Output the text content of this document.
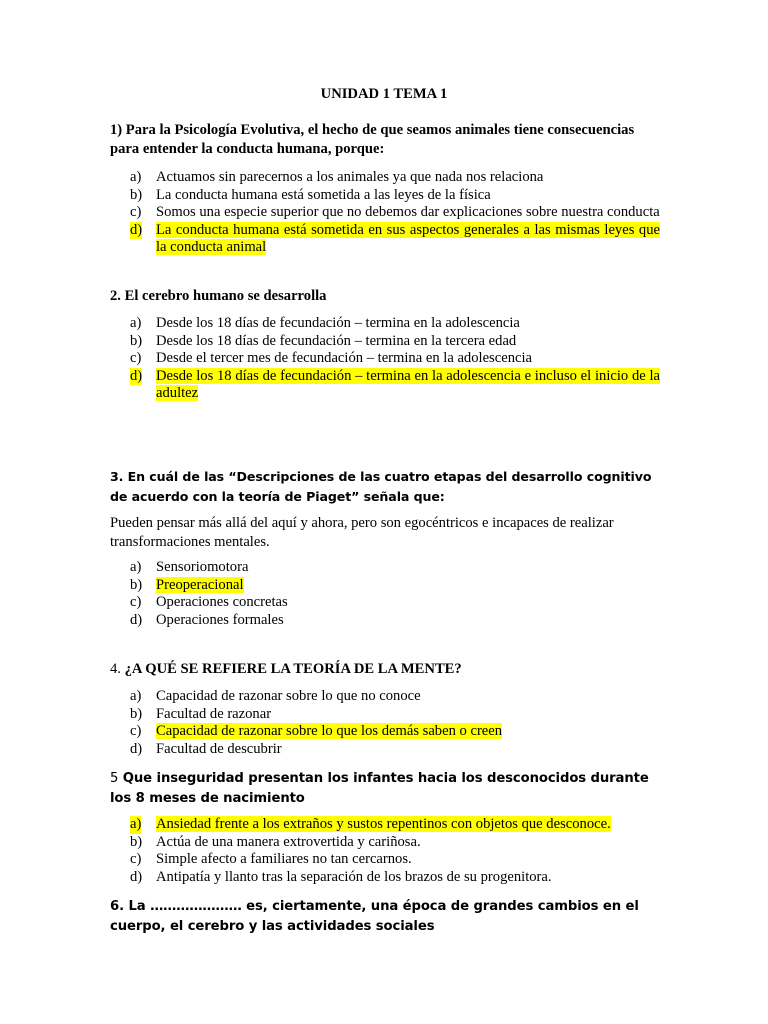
UNIDAD 1 TEMA 1
1) Para la Psicología Evolutiva, el hecho de que seamos animales tiene consecuencias para entender la conducta humana, porque:
a) Actuamos sin parecernos a los animales ya que nada nos relaciona
b) La conducta humana está sometida a las leyes de la física
c) Somos una especie superior que no debemos dar explicaciones sobre nuestra conducta
d) La conducta humana está sometida en sus aspectos generales a las mismas leyes que la conducta animal
2. El cerebro humano se desarrolla
a) Desde los 18 días de fecundación – termina en la adolescencia
b) Desde los 18 días de fecundación – termina en la tercera edad
c) Desde el tercer mes de fecundación – termina en la adolescencia
d) Desde los 18 días de fecundación – termina en la adolescencia e incluso el inicio de la adultez
3. En cuál de las “Descripciones de las cuatro etapas del desarrollo cognitivo de acuerdo con la teoría de Piaget” señala que:
Pueden pensar más allá del aquí y ahora, pero son egocéntricos e incapaces de realizar transformaciones mentales.
a) Sensoriomotora
b) Preoperacional
c) Operaciones concretas
d) Operaciones formales
4. ¿A QUÉ SE REFIERE LA TEORÍA DE LA MENTE?
a) Capacidad de razonar sobre lo que no conoce
b) Facultad de razonar
c) Capacidad de razonar sobre lo que los demás saben o creen
d) Facultad de descubrir
5 Que inseguridad presentan los infantes hacia los desconocidos durante los 8 meses de nacimiento
a) Ansiedad frente a los extraños y sustos repentinos con objetos que desconoce.
b) Actúa de una manera extrovertida y cariñosa.
c) Simple afecto a familiares no tan cercarnos.
d) Antipatía y llanto tras la separación de los brazos de su progenitora.
6. La ………………… es, ciertamente, una época de grandes cambios en el cuerpo, el cerebro y las actividades sociales
